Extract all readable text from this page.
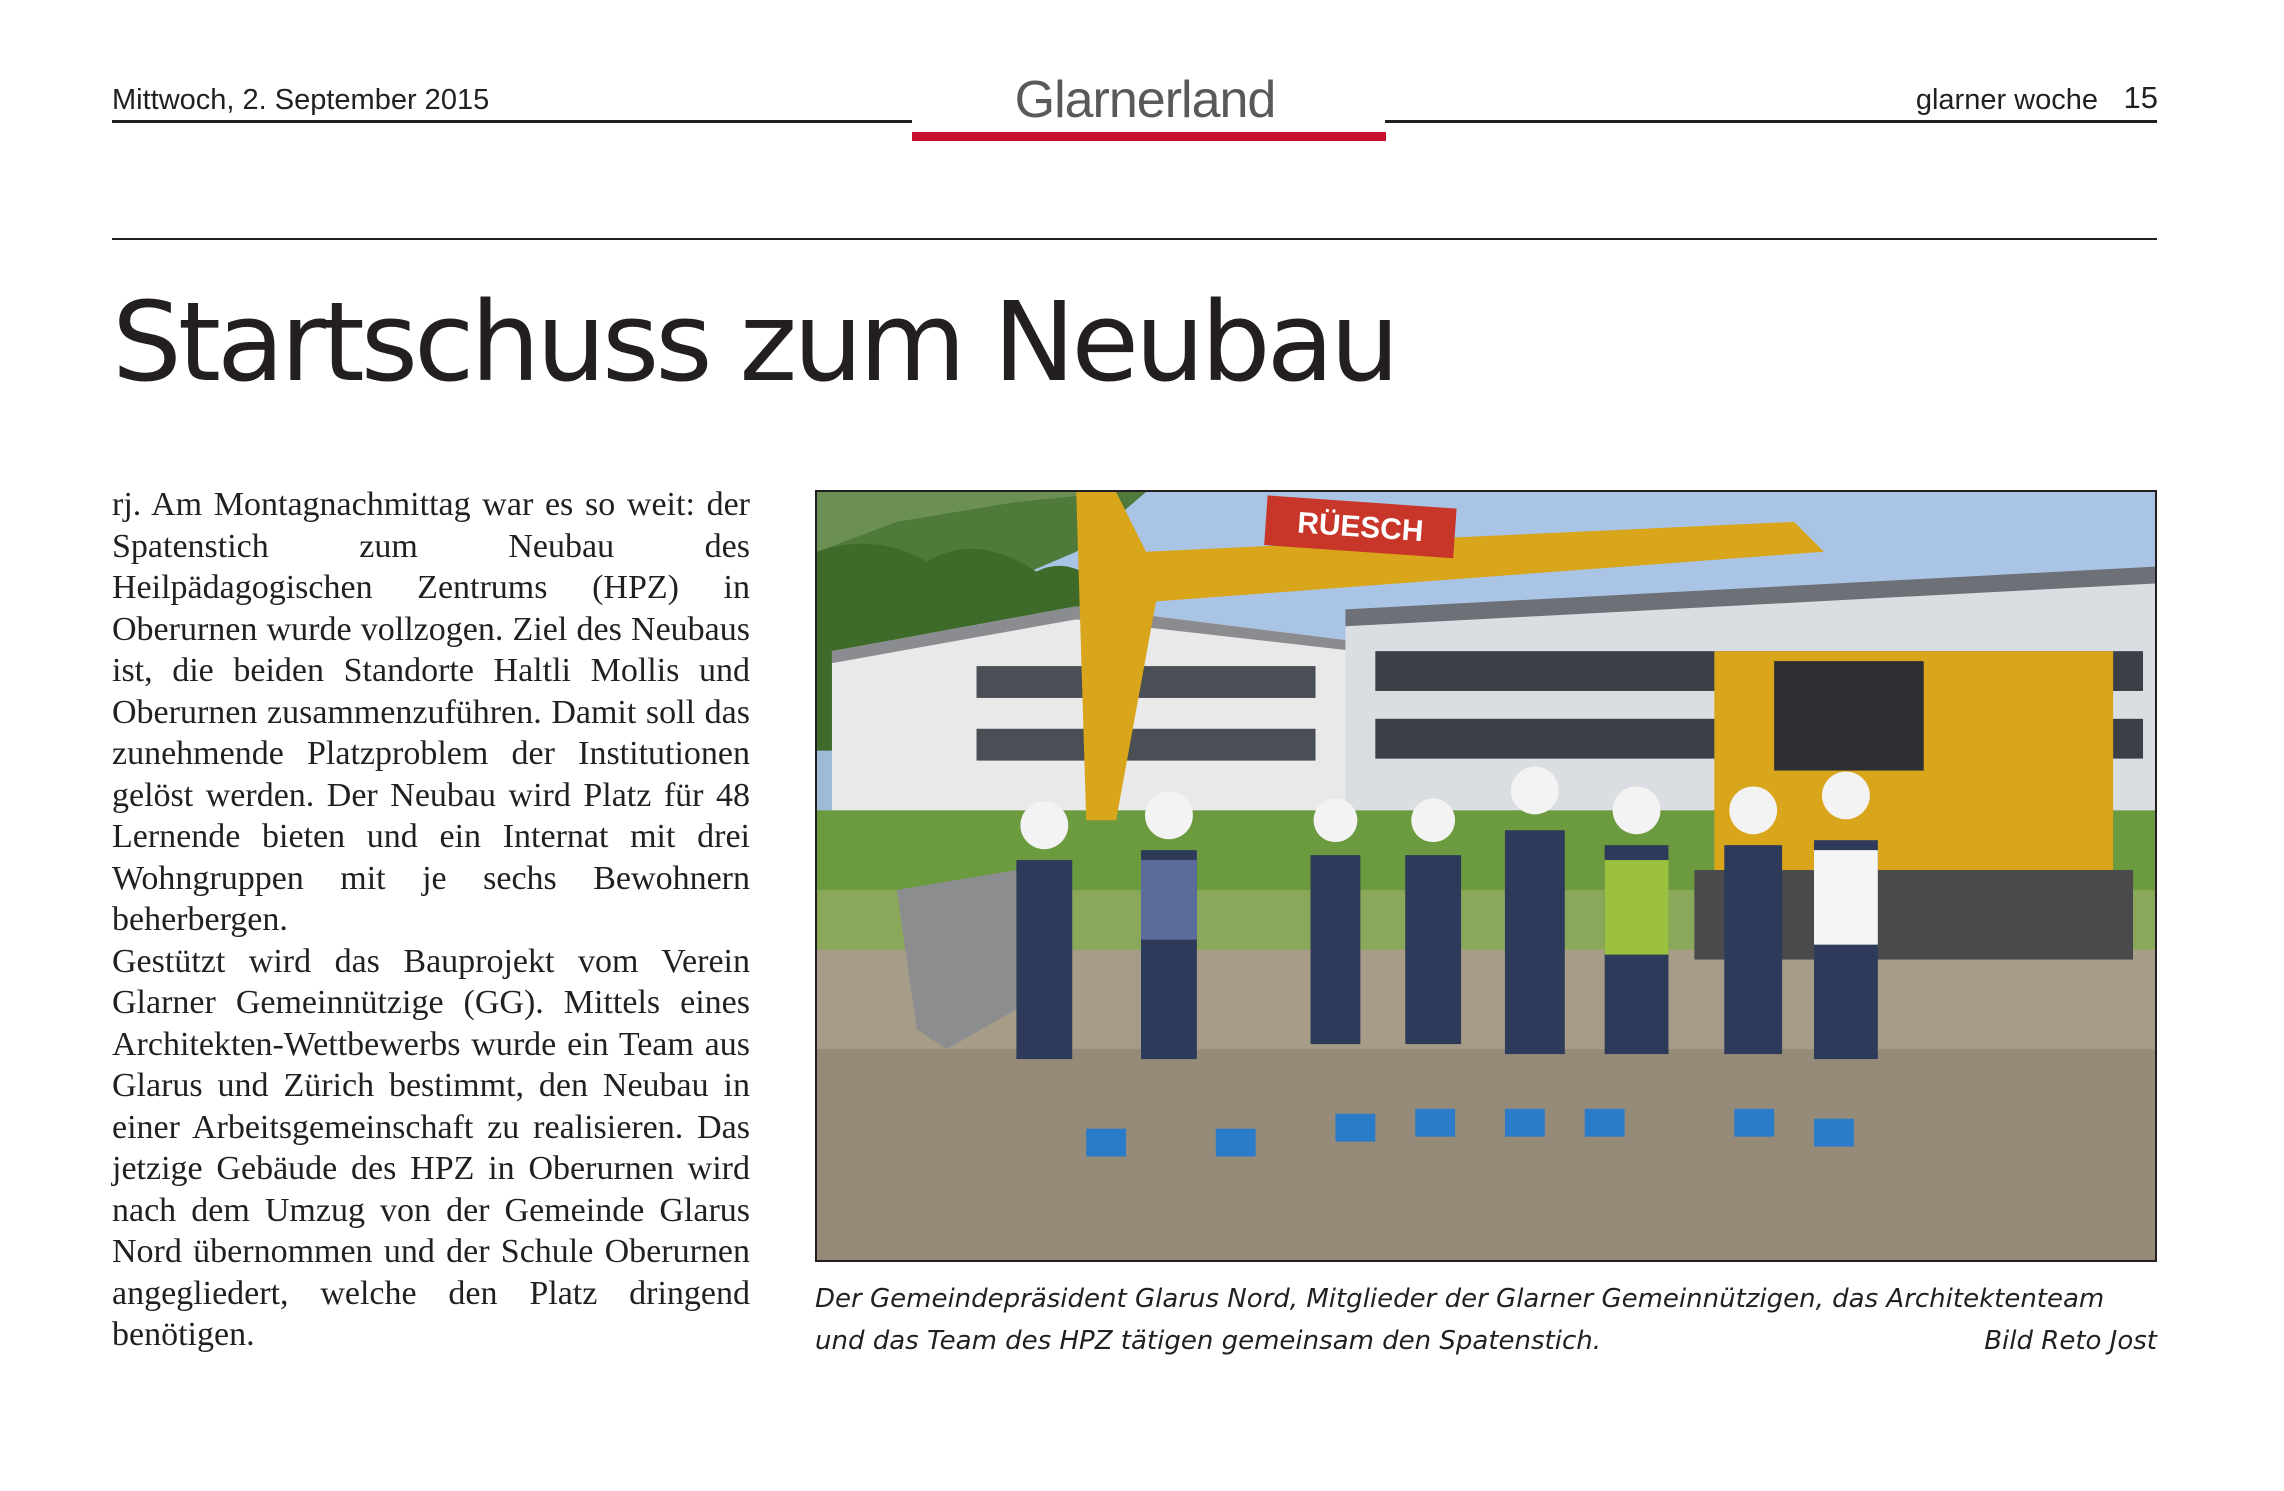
Mittwoch, 2. September 2015	Glarnerland	glarner woche 15
Startschuss zum Neubau

rj. Am Montagnachmittag war es so weit: der Spatenstich zum Neubau des Heilpädagogischen Zentrums (HPZ) in Oberurnen wurde vollzogen. Ziel des Neubaus ist, die beiden Standorte Haltli Mollis und Oberurnen zusammenzuführen. Damit soll das zunehmende Platzproblem der Institutionen gelöst werden. Der Neubau wird Platz für 48 Lernende bieten und ein Internat mit drei Wohngruppen mit je sechs Bewohnern beherbergen.

Gestützt wird das Bauprojekt vom Verein Glarner Gemeinnützige (GG). Mittels eines Architekten-Wettbewerbs wurde ein Team aus Glarus und Zürich bestimmt, den Neubau in einer Arbeitsgemeinschaft zu realisieren. Das jetzige Gebäude des HPZ in Oberurnen wird nach dem Umzug von der Gemeinde Glarus Nord übernommen und der Schule Oberurnen angegliedert, welche den Platz dringend benötigen.

RÜESCH
Der Gemeindepräsident Glarus Nord, Mitglieder der Glarner Gemeinnützigen, das Architektenteam und das Team des HPZ tätigen gemeinsam den Spatenstich.	Bild Reto Jost
